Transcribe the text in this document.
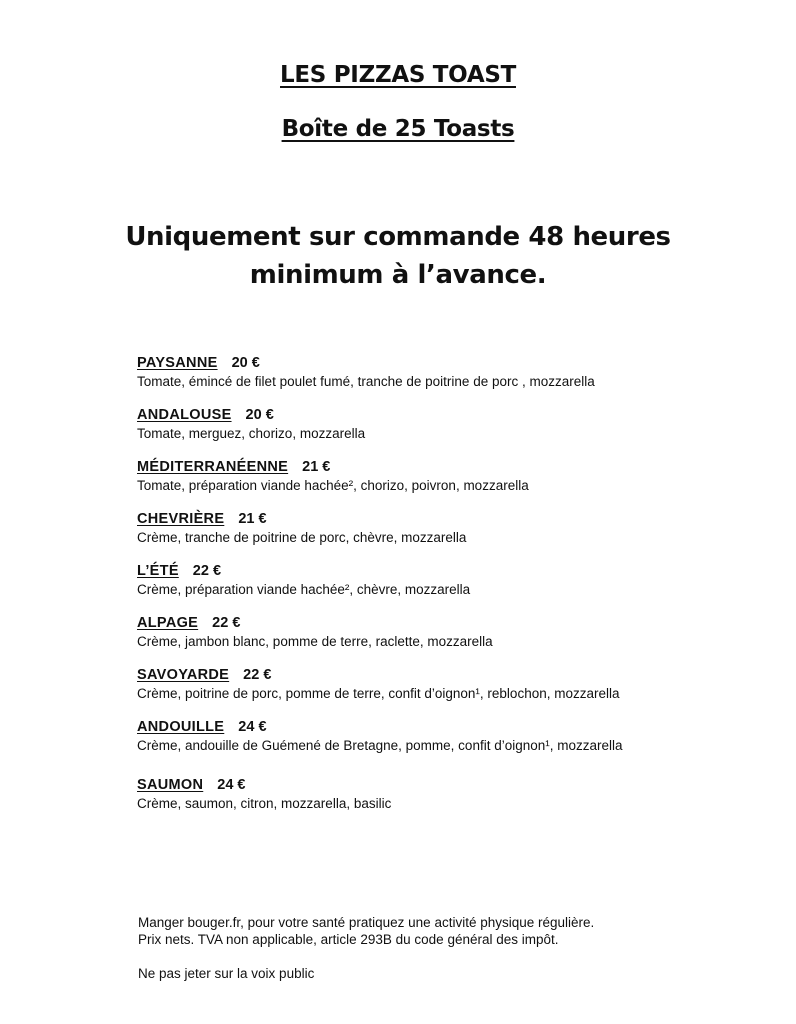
LES PIZZAS TOAST
Boîte de 25 Toasts

Uniquement sur commande 48 heures minimum à l’avance.

PAYSANNE 20 €
Tomate, émincé de filet poulet fumé, tranche de poitrine de porc , mozzarella
ANDALOUSE 20 €
Tomate, merguez, chorizo, mozzarella
MÉDITERRANÉENNE 21 €
Tomate, préparation viande hachée², chorizo, poivron, mozzarella
CHEVRIÈRE 21 €
Crème, tranche de poitrine de porc, chèvre, mozzarella
L’ÉTÉ 22 €
Crème, préparation viande hachée², chèvre, mozzarella
ALPAGE 22 €
Crème, jambon blanc, pomme de terre, raclette, mozzarella
SAVOYARDE 22 €
Crème, poitrine de porc, pomme de terre, confit d’oignon¹, reblochon, mozzarella
ANDOUILLE 24 €
Crème, andouille de Guémené de Bretagne, pomme, confit d’oignon¹, mozzarella
SAUMON 24 €
Crème, saumon, citron, mozzarella, basilic

Manger bouger.fr, pour votre santé pratiquez une activité physique régulière.

Prix nets. TVA non applicable, article 293B du code général des impôt.

Ne pas jeter sur la voix public
